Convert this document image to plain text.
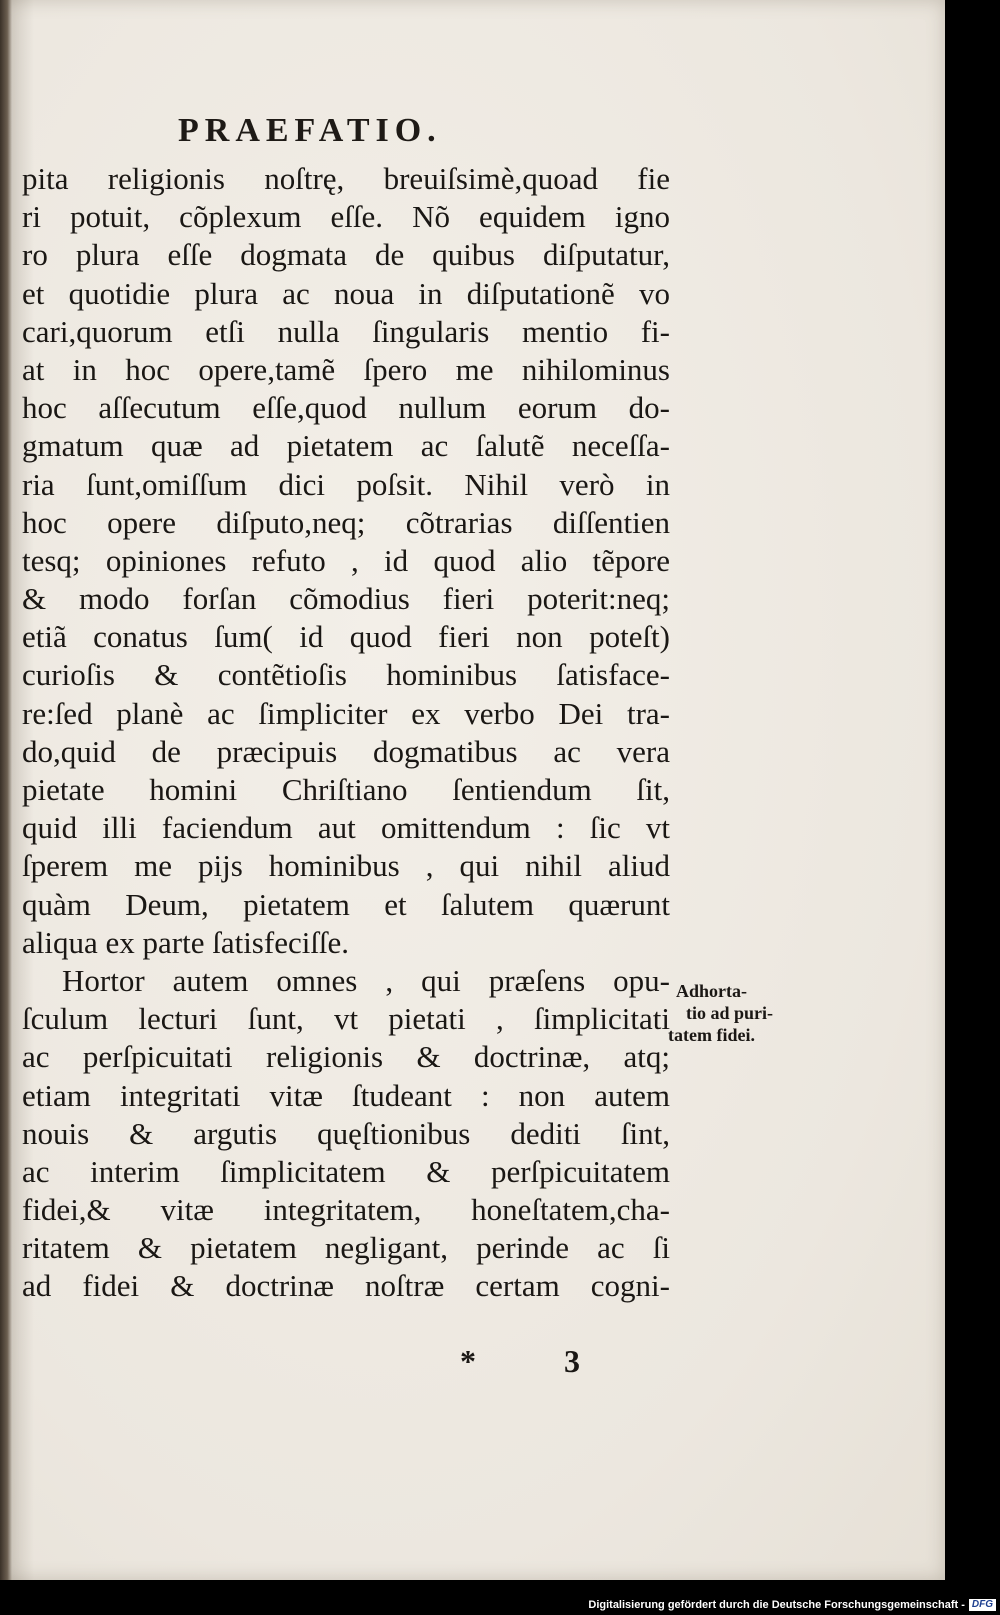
PRAEFATIO.
pita religionis noſtrę, breuiſsimè,quoad fie
ri potuit, cõplexum eſſe. Nõ equidem igno
ro plura eſſe dogmata de quibus diſputatur,
et quotidie plura ac noua in diſputationẽ vo
cari,quorum etſi nulla ſingularis mentio fi-
at in hoc opere,tamẽ ſpero me nihilominus
hoc aſſecutum eſſe,quod nullum eorum do-
gmatum quæ ad pietatem ac ſalutẽ neceſſa-
ria ſunt,omiſſum dici poſsit. Nihil verò in
hoc opere diſputo,neq; cõtrarias diſſentien
tesq; opiniones refuto , id quod alio tẽpore
& modo forſan cõmodius fieri poterit:neq;
etiã conatus ſum( id quod fieri non poteſt)
curioſis & contẽtioſis hominibus ſatisface-
re:ſed planè ac ſimpliciter ex verbo Dei tra-
do,quid de præcipuis dogmatibus ac vera
pietate homini Chriſtiano ſentiendum ſit,
quid illi faciendum aut omittendum : ſic vt
ſperem me pijs hominibus , qui nihil aliud
quàm Deum, pietatem et ſalutem quærunt
aliqua ex parte ſatisfeciſſe.
Hortor autem omnes , qui præſens opu-
ſculum lecturi ſunt, vt pietati , ſimplicitati
ac perſpicuitati religionis & doctrinæ, atq;
etiam integritati vitæ ſtudeant : non autem
nouis & argutis quęſtionibus dediti ſint,
ac interim ſimplicitatem & perſpicuitatem
fidei,& vitæ integritatem, honeſtatem,cha-
ritatem & pietatem negligant, perinde ac ſi
ad fidei & doctrinæ noſtræ certam cogni-
Adhorta-
tio ad puri-
tatem fidei.
* 3
Digitalisierung gefördert durch die Deutsche Forschungsgemeinschaft - DFG
